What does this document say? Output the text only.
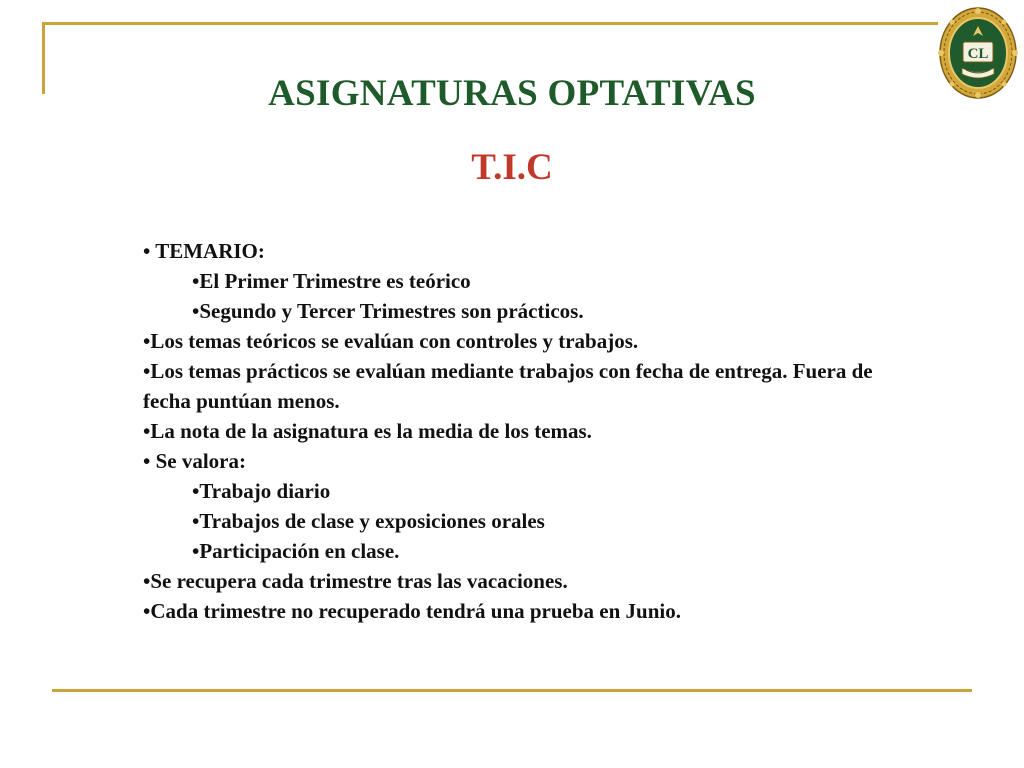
CL
ASIGNATURAS OPTATIVAS
T.I.C

• TEMARIO:

•El Primer Trimestre es teórico

•Segundo y Tercer Trimestres son prácticos.

•Los temas teóricos se evalúan con controles y trabajos.

•Los temas prácticos se evalúan mediante trabajos con fecha de entrega. Fuera de fecha puntúan menos.

•La nota de la asignatura es la media de los temas.

• Se valora:

•Trabajo diario

•Trabajos de clase y exposiciones orales

•Participación en clase.

•Se recupera cada trimestre tras las vacaciones.

•Cada trimestre no recuperado tendrá una prueba en Junio.
